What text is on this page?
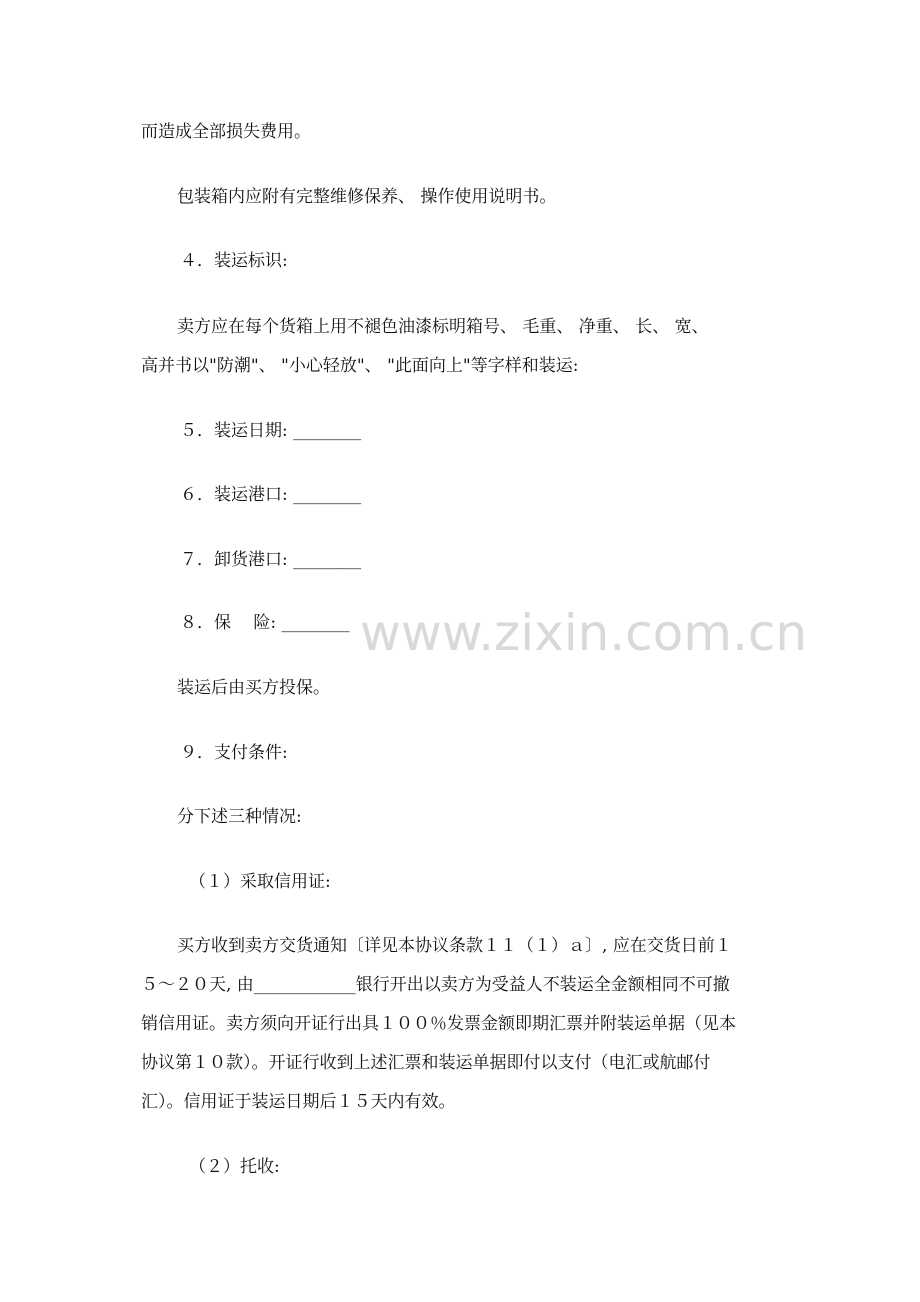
而造成全部损失费用。
包装箱内应附有完整维修保养、 操作使用说明书。
４．装运标识:
卖方应在每个货箱上用不褪色油漆标明箱号、 毛重、 净重、 长、 宽、
高并书以"防潮"、 "小心轻放"、 "此面向上"等字样和装运:
５．装运日期: ________
６．装运港口: ________
７．卸货港口: ________
８．保　 险: ________
装运后由买方投保。
９．支付条件:
分下述三种情况:
（１）采取信用证:
买方收到卖方交货通知〔详见本协议条款１１（１）ａ〕, 应在交货日前１
５～２０天, 由____________银行开出以卖方为受益人不装运全金额相同不可撤
销信用证。卖方须向开证行出具１００％发票金额即期汇票并附装运单据（见本
协议第１０款）。开证行收到上述汇票和装运单据即付以支付（电汇或航邮付
汇）。信用证于装运日期后１５天内有效。
（２）托收:
www.zixin.com.cn
